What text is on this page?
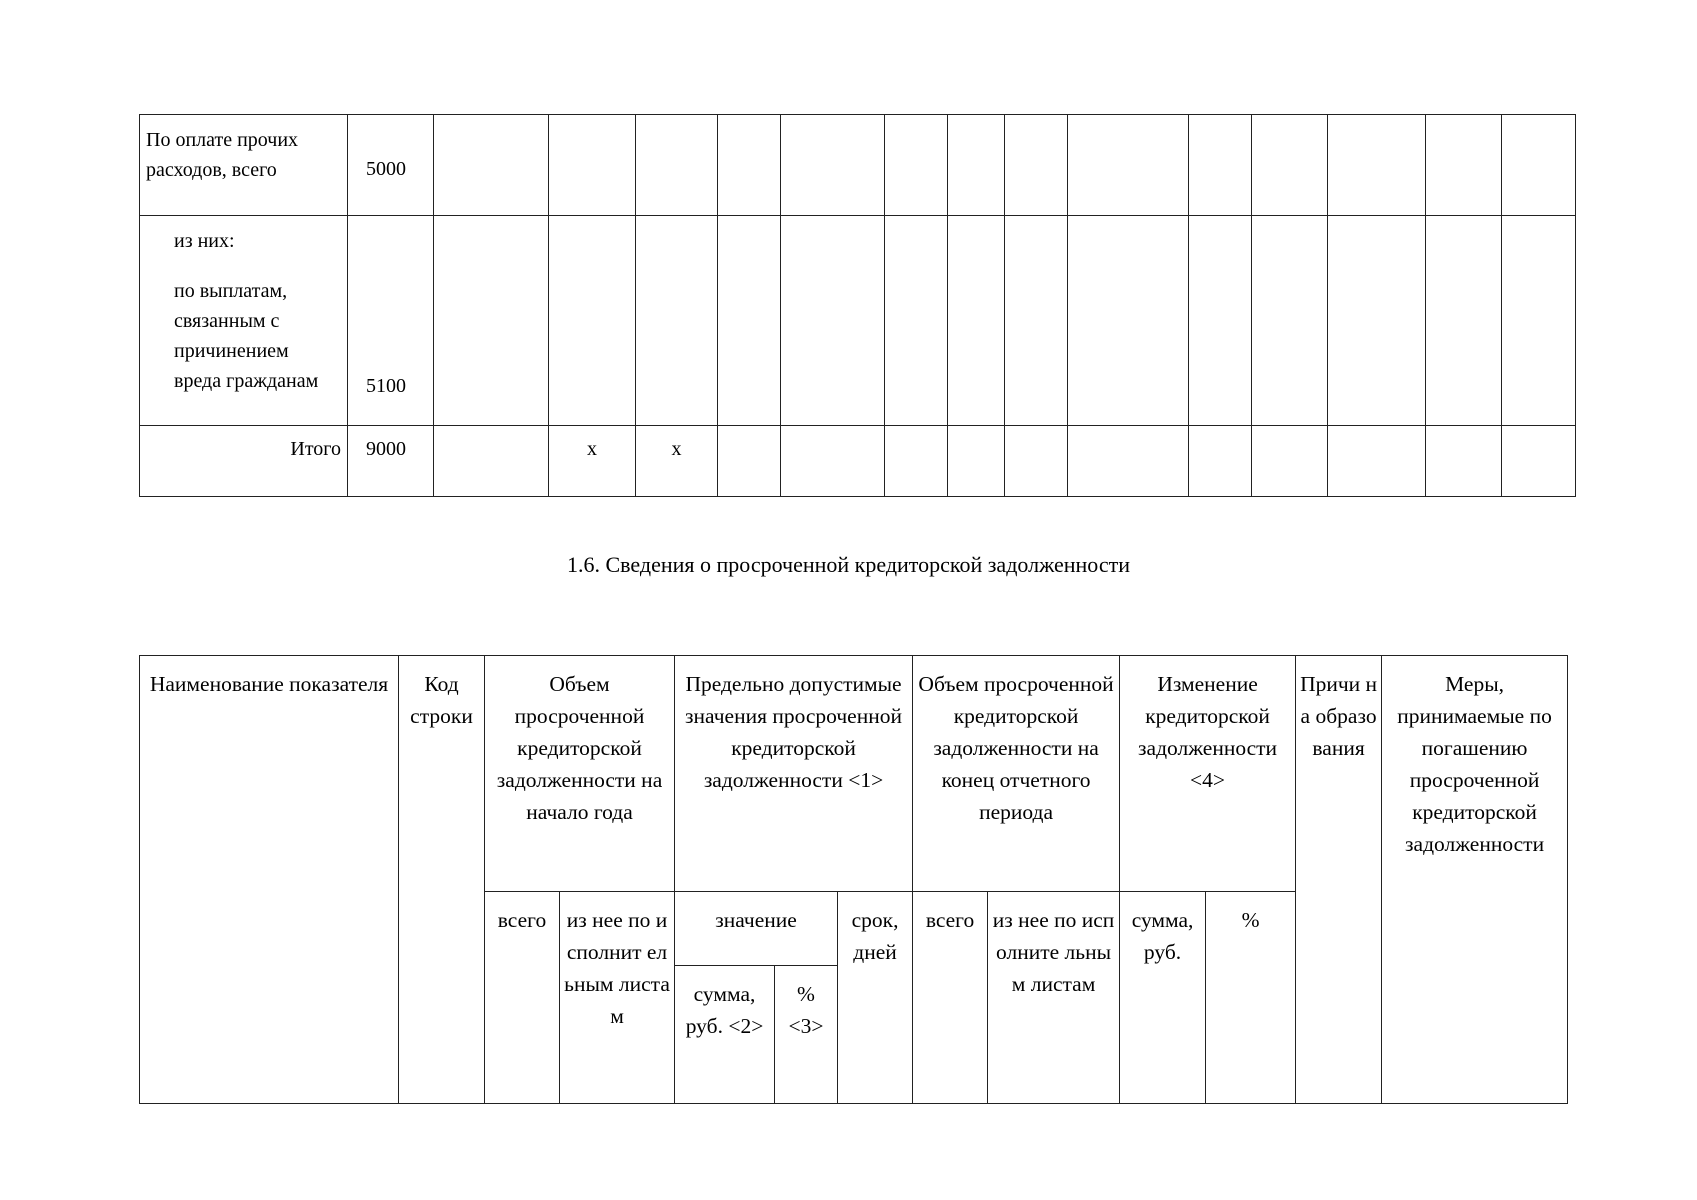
По оплате прочих
расходов, всего	5000														

из них:
по выплатам,
связанным с
причинением
вреда гражданам	5100														
Итого	9000		х	х											
1.6. Сведения о просроченной кредиторской задолженности
Наименование показателя	Код строки	Объем просроченной кредиторской задолженности на начало года		Предельно допустимые значения просроченной кредиторской задолженности <1>			Объем просроченной кредиторской задолженности на конец отчетного периода		Изменение кредиторской задолженности <4>		Причи на образо вания	Меры, принимаемые по погашению просроченной кредиторской задолженности
		всего	из нее по исполнит ельным листам	значение		срок, дней	всего	из нее по исполните льным листам	сумма, руб.	%		
				сумма, руб. <2>	% <3>							
